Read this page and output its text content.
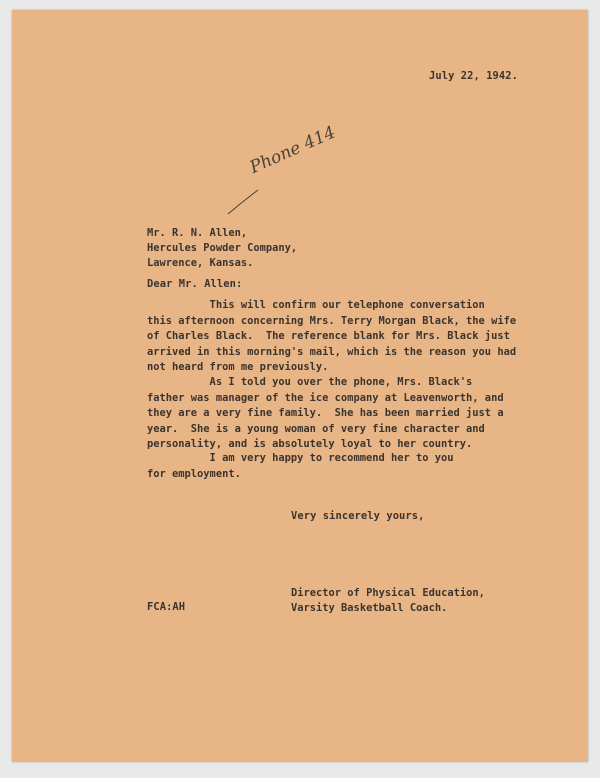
July 22, 1942.
Phone 414
Mr. R. N. Allen,
Hercules Powder Company,
Lawrence, Kansas.
Dear Mr. Allen:
This will confirm our telephone conversation
this afternoon concerning Mrs. Terry Morgan Black, the wife
of Charles Black.  The reference blank for Mrs. Black just
arrived in this morning's mail, which is the reason you had
not heard from me previously.
As I told you over the phone, Mrs. Black's
father was manager of the ice company at Leavenworth, and
they are a very fine family.  She has been married just a
year.  She is a young woman of very fine character and
personality, and is absolutely loyal to her country.
I am very happy to recommend her to you
for employment.
Very sincerely yours,
FCA:AH
Director of Physical Education,
Varsity Basketball Coach.
